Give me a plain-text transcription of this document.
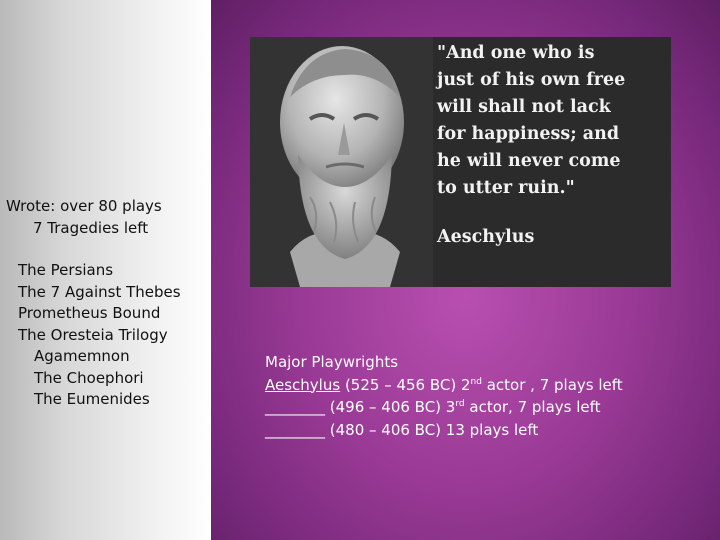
Wrote: over 80 plays
7 Tragedies left
The Persians
The 7 Against Thebes
Prometheus Bound
The Oresteia Trilogy
Agamemnon
The Choephori
The Eumenides
"And one who is
just of his own free
will shall not lack
for happiness; and
he will never come
to utter ruin."
Aeschylus
Major Playwrights
Aeschylus (525 – 456 BC) 2nd actor , 7 plays left
________ (496 – 406 BC) 3rd actor, 7 plays left
________ (480 – 406 BC) 13 plays left
